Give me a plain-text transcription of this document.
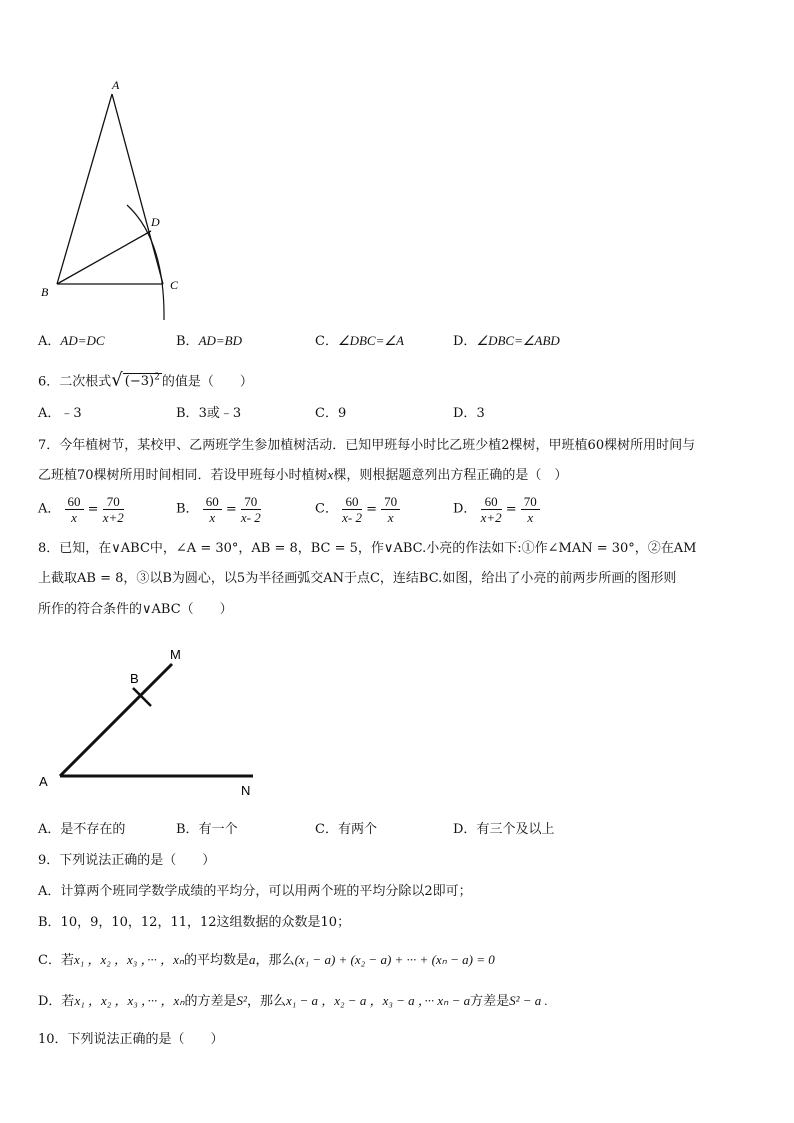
A
B	C
D
A．AD=DC	B．AD=BD	C．∠DBC=∠A	D．∠DBC=∠ABD
6．二次根式√ $(-3)^2$ 的值是（　　）
A．﹣3	B．3或﹣3	C．9	D．3
7．今年植树节，某校甲、乙两班学生参加植树活动．已知甲班每小时比乙班少植2棵树，甲班植60棵树所用时间与
乙班植70棵树所用时间相同．若设甲班每小时植树x棵，则根据题意列出方程正确的是（　）
A． $\frac{60}{x} = \frac{70}{x+2}$	B． $\frac{60}{x} = \frac{70}{x- 2}$	C． $\frac{60}{x- 2} = \frac{70}{x}$	D． $\frac{60}{x+2} = \frac{70}{x}$
8．已知，在∨ABC中，∠A = 30°，AB = 8，BC = 5，作∨ABC.小亮的作法如下:①作∠MAN = 30°，②在AM
上截取AB = 8，③以B为圆心，以5为半径画弧交AN于点C，连结BC.如图，给出了小亮的前两步所画的图形则
所作的符合条件的∨ABC（　　）
M
B
A
N
A．是不存在的	B．有一个	C．有两个	D．有三个及以上
9．下列说法正确的是（　　）
A．计算两个班同学数学成绩的平均分，可以用两个班的平均分除以2即可；
B．10，9，10，12，11，12这组数据的众数是10；
C．若x₁ ，x₂ ，x₃ ，··· ，xₙ的平均数是a，那么(x₁ − a) + (x₂ − a) + ··· + (xₙ − a) = 0
D．若x₁ ，x₂ ，x₃ ，··· ，xₙ的方差是S²，那么x₁ − a ，x₂ − a ，x₃ − a ，··· xₙ − a方差是S² − a .
10．下列说法正确的是（　　）
